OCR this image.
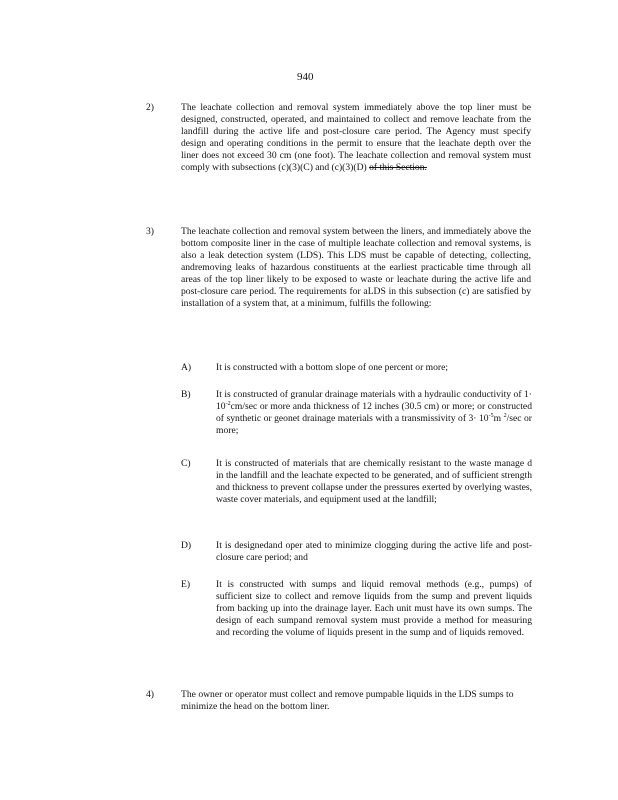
940
2)	The leachate collection and removal system immediately above the top liner must be designed, constructed, operated, and maintained to collect and remove leachate from the landfill during the active life and post-closure care period. The Agency must specify design and operating conditions in the permit to ensure that the leachate depth over the liner does not exceed 30 cm (one foot). The leachate collection and removal system must comply with subsections (c)(3)(C) and (c)(3)(D) of this Section.
3)	The leachate collection and removal system between the liners, and immediately above the bottom composite liner in the case of multiple leachate collection and removal systems, is also a leak detection system (LDS). This LDS must be capable of detecting, collecting, andremoving leaks of hazardous constituents at the earliest practicable time through all areas of the top liner likely to be exposed to waste or leachate during the active life and post-closure care period. The requirements for aLDS in this subsection (c) are satisfied by installation of a system that, at a minimum, fulfills the following:
A)	It is constructed with a bottom slope of one percent or more;
B)	It is constructed of granular drainage materials with a hydraulic conductivity of $1\cdot 10^{-2}cm/\sec$ or more anda thickness of 12 inches (30.5 cm) or more; or constructed of synthetic or geonet drainage materials with a transmissivity of $3\cdot 10^{-5}m$ $^2$/sec or more;
C)	It is constructed of materials that are chemically resistant to the waste manage d in the landfill and the leachate expected to be generated, and of sufficient strength and thickness to prevent collapse under the pressures exerted by overlying wastes, waste cover materials, and equipment used at the landfill;
D)	It is designedand oper ated to minimize clogging during the active life and post-closure care period; and
E)	It is constructed with sumps and liquid removal methods (e.g., pumps) of sufficient size to collect and remove liquids from the sump and prevent liquids from backing up into the drainage layer. Each unit must have its own sumps. The design of each sumpand removal system must provide a method for measuring and recording the volume of liquids present in the sump and of liquids removed.
4)	The owner or operator must collect and remove pumpable liquids in the LDS sumps to minimize the head on the bottom liner.
